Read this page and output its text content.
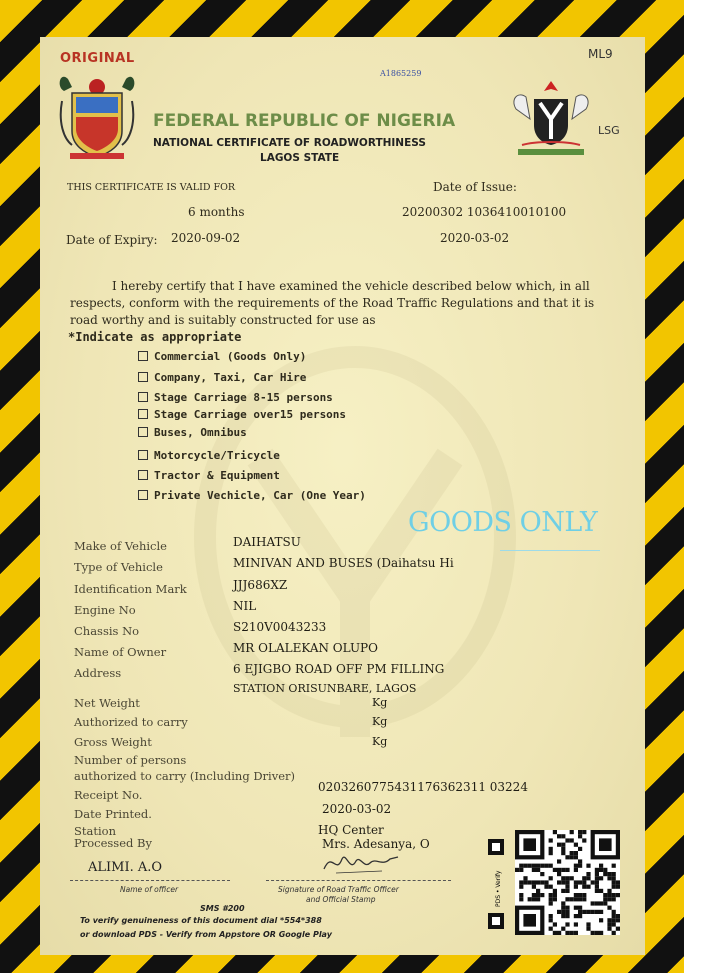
ORIGINAL
A1865259
ML9
LSG
FEDERAL REPUBLIC OF NIGERIA
NATIONAL CERTIFICATE OF ROADWORTHINESS
LAGOS STATE
THIS CERTIFICATE IS VALID FOR
6 months
Date of Expiry: 2020-09-02
Date of Issue:
20200302 1036410010100
2020-03-02
I hereby certify that I have examined the vehicle described below which, in all respects, conform with the requirements of the Road Traffic Regulations and that it is road worthy and is suitably constructed for use as
*Indicate as appropriate
Commercial (Goods Only)
Company, Taxi, Car Hire
Stage Carriage 8-15 persons
Stage Carriage over15 persons
Buses, Omnibus
Motorcycle/Tricycle
Tractor & Equipment
Private Vechicle, Car (One Year)
GOODS ONLY
Make of Vehicle	DAIHATSU
Type of Vehicle	MINIVAN AND BUSES (Daihatsu Hi
Identification Mark	JJJ686XZ
Engine No	NIL
Chassis No	S210V0043233
Name of Owner	MR OLALEKAN OLUPO
Address	6 EJIGBO ROAD OFF PM FILLING
STATION ORISUNBARE, LAGOS
Net Weight	Kg
Authorized to carry	Kg
Gross Weight	Kg
Number of persons
authorized to carry (Including Driver)
Receipt No.
0203260775431176362311 03224
Date Printed.	2020-03-02
Station	HQ Center
Processed By	Mrs. Adesanya, O
ALIMI. A.O
Name of officer	Signature of Road Traffic Officer
and Official Stamp
SMS #200
To verify genuineness of this document dial *554*388
or download PDS - Verify from Appstore OR Google Play
PDS • Verify
